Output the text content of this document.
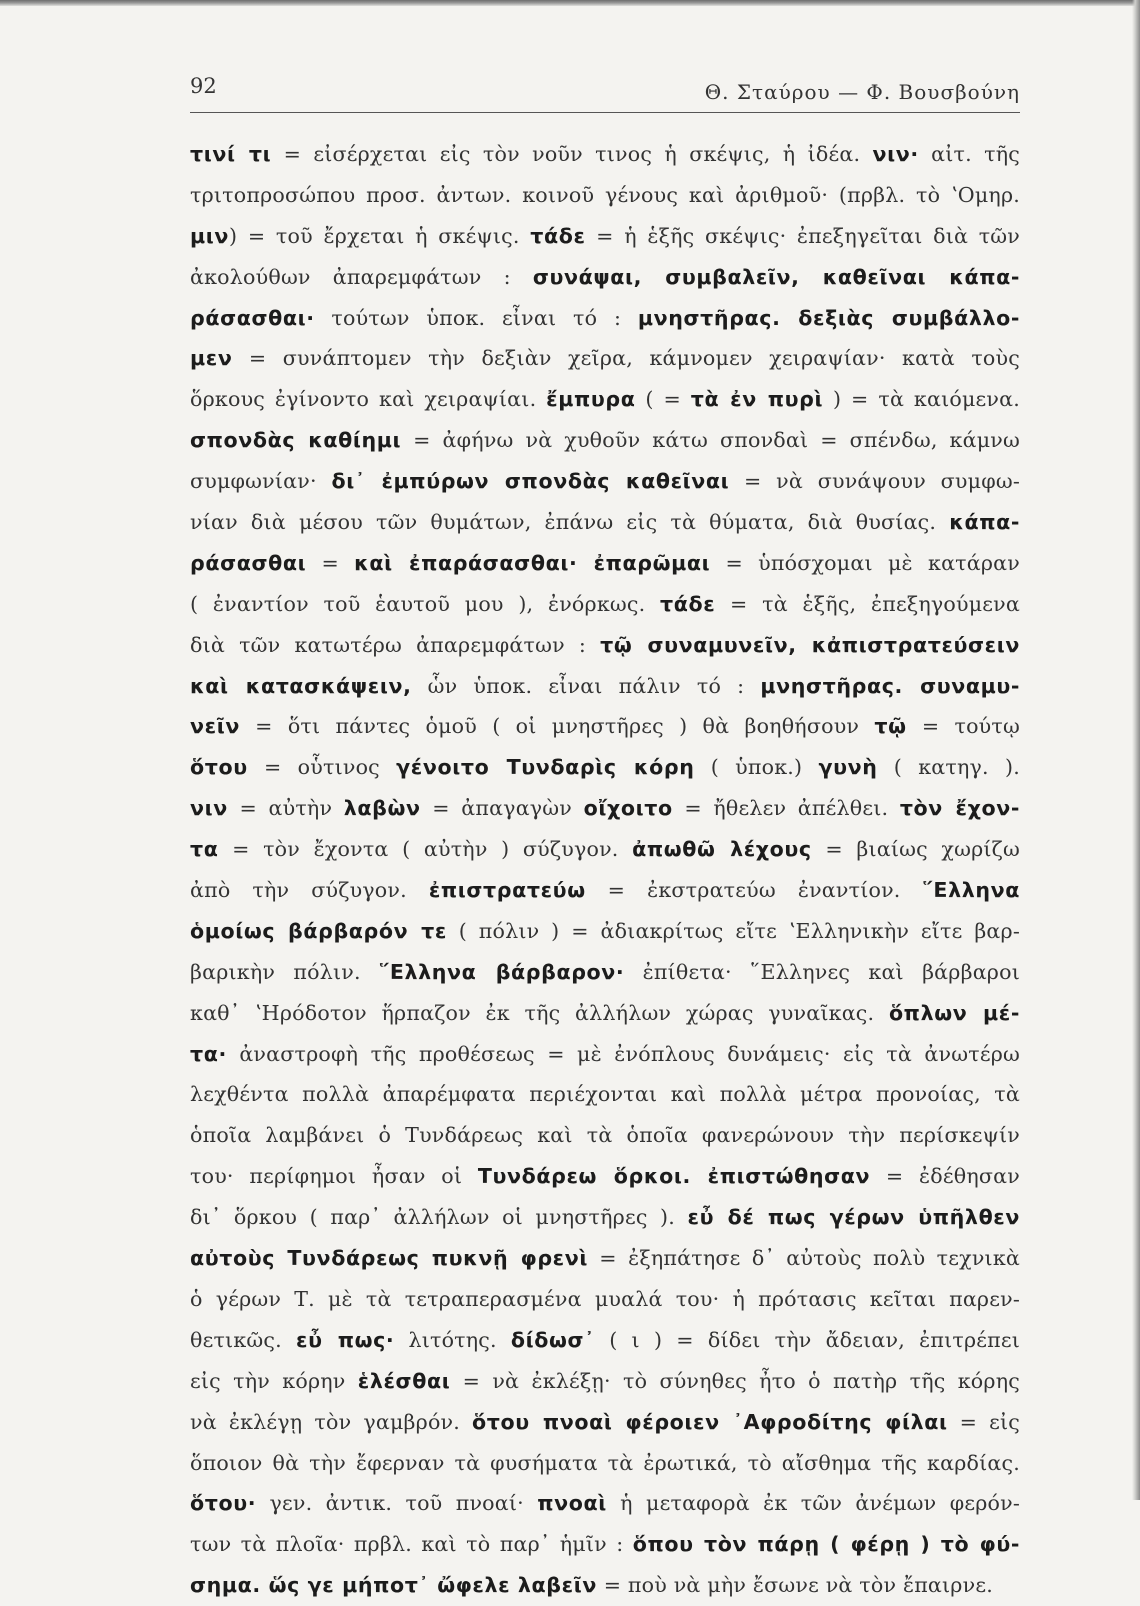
92	Θ. Σταύρου — Φ. Βουσβούνη
τινί τι = εἰσέρχεται εἰς τὸν νοῦν τινος ἡ σκέψις, ἡ ἰδέα. νιν· αἰτ. τῆς
τριτοπροσώπου προσ. ἀντων. κοινοῦ γένους καὶ ἀριθμοῦ· (πρβλ. τὸ ʽΟμηρ.
μιν) = τοῦ ἔρχεται ἡ σκέψις. τάδε = ἡ ἑξῆς σκέψις· ἐπεξηγεῖται διὰ τῶν
ἀκολούθων ἀπαρεμφάτων : συνάψαι, συμβαλεῖν, καθεῖναι κάπα-
ράσασθαι· τούτων ὑποκ. εἶναι τό : μνηστῆρας. δεξιὰς συμβάλλο-
μεν = συνάπτομεν τὴν δεξιὰν χεῖρα, κάμνομεν χειραψίαν· κατὰ τοὺς
ὅρκους ἐγίνοντο καὶ χειραψίαι. ἔμπυρα ( = τὰ ἐν πυρὶ ) = τὰ καιόμενα.
σπονδὰς καθίημι = ἀφήνω νὰ χυθοῦν κάτω σπονδαὶ = σπένδω, κάμνω
συμφωνίαν· δι᾽ ἐμπύρων σπονδὰς καθεῖναι = νὰ συνάψουν συμφω-
νίαν διὰ μέσου τῶν θυμάτων, ἐπάνω εἰς τὰ θύματα, διὰ θυσίας. κάπα-
ράσασθαι = καὶ ἐπαράσασθαι· ἐπαρῶμαι = ὑπόσχομαι μὲ κατάραν
( ἐναντίον τοῦ ἑαυτοῦ μου ), ἐνόρκως. τάδε = τὰ ἑξῆς, ἐπεξηγούμενα
διὰ τῶν κατωτέρω ἀπαρεμφάτων : τῷ συναμυνεῖν, κἀπιστρατεύσειν
καὶ κατασκάψειν, ὧν ὑποκ. εἶναι πάλιν τό : μνηστῆρας. συναμυ-
νεῖν = ὅτι πάντες ὁμοῦ ( οἱ μνηστῆρες ) θὰ βοηθήσουν τῷ = τούτῳ
ὅτου = οὗτινος γένοιτο Τυνδαρὶς κόρη ( ὑποκ.) γυνὴ ( κατηγ. ).
νιν = αὐτὴν λαβὼν = ἀπαγαγὼν οἴχοιτο = ἤθελεν ἀπέλθει. τὸν ἔχον-
τα = τὸν ἔχοντα ( αὐτὴν ) σύζυγον. ἀπωθῶ λέχους = βιαίως χωρίζω
ἀπὸ τὴν σύζυγον. ἐπιστρατεύω = ἐκστρατεύω ἐναντίον. ῞Ελληνα
ὁμοίως βάρβαρόν τε ( πόλιν ) = ἀδιακρίτως εἴτε ʽΕλληνικὴν εἴτε βαρ-
βαρικὴν πόλιν. ῞Ελληνα βάρβαρον· ἐπίθετα· ῞Ελληνες καὶ βάρβαροι
καθ᾽ ʽΗρόδοτον ἥρπαζον ἐκ τῆς ἀλλήλων χώρας γυναῖκας. ὅπλων μέ-
τα· ἀναστροφὴ τῆς προθέσεως = μὲ ἐνόπλους δυνάμεις· εἰς τὰ ἀνωτέρω
λεχθέντα πολλὰ ἀπαρέμφατα περιέχονται καὶ πολλὰ μέτρα προνοίας, τὰ
ὁποῖα λαμβάνει ὁ Τυνδάρεως καὶ τὰ ὁποῖα φανερώνουν τὴν περίσκεψίν
του· περίφημοι ἦσαν οἱ Τυνδάρεω ὅρκοι. ἐπιστώθησαν = ἐδέθησαν
δι᾽ ὅρκου ( παρ᾽ ἀλλήλων οἱ μνηστῆρες ). εὖ δέ πως γέρων ὑπῆλθεν
αὐτοὺς Τυνδάρεως πυκνῇ φρενὶ = ἐξηπάτησε δ᾽ αὐτοὺς πολὺ τεχνικὰ
ὁ γέρων Τ. μὲ τὰ τετραπερασμένα μυαλά του· ἡ πρότασις κεῖται παρεν-
θετικῶς. εὖ πως· λιτότης. δίδωσ᾽ ( ι ) = δίδει τὴν ἄδειαν, ἐπιτρέπει
εἰς τὴν κόρην ἑλέσθαι = νὰ ἐκλέξῃ· τὸ σύνηθες ἦτο ὁ πατὴρ τῆς κόρης
νὰ ἐκλέγῃ τὸν γαμβρόν. ὅτου πνοαὶ φέροιεν ᾽Αφροδίτης φίλαι = εἰς
ὅποιον θὰ τὴν ἔφερναν τὰ φυσήματα τὰ ἐρωτικά, τὸ αἴσθημα τῆς καρδίας.
ὅτου· γεν. ἀντικ. τοῦ πνοαί· πνοαὶ ἡ μεταφορὰ ἐκ τῶν ἀνέμων φερόν-
των τὰ πλοῖα· πρβλ. καὶ τὸ παρ᾽ ἡμῖν : ὅπου τὸν πάρῃ ( φέρῃ ) τὸ φύ-
σημα. ὥς γε μήποτ᾽ ὤφελε λαβεῖν = ποὺ νὰ μὴν ἔσωνε νὰ τὸν ἔπαιρνε.
